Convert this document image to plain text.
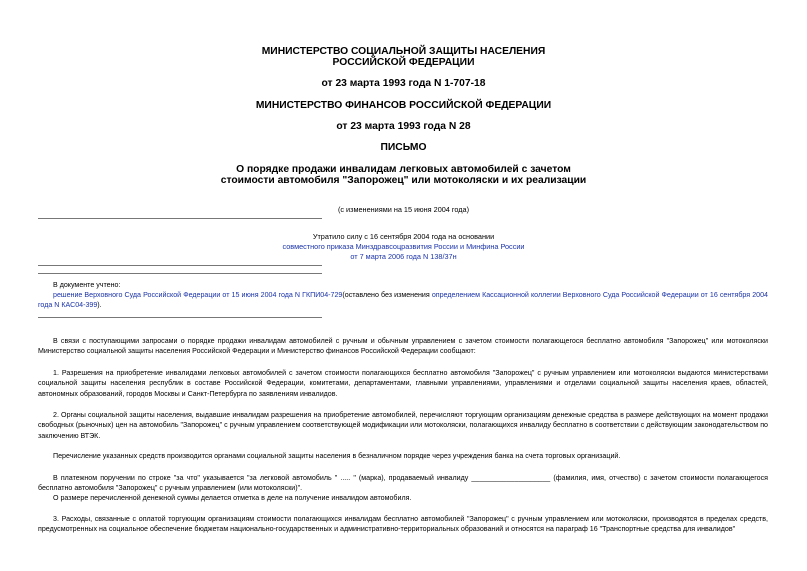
МИНИСТЕРСТВО СОЦИАЛЬНОЙ ЗАЩИТЫ НАСЕЛЕНИЯ
РОССИЙСКОЙ ФЕДЕРАЦИИ
от 23 марта 1993 года N 1-707-18
МИНИСТЕРСТВО ФИНАНСОВ РОССИЙСКОЙ ФЕДЕРАЦИИ
от 23 марта 1993 года N 28
ПИСЬМО
О порядке продажи инвалидам легковых автомобилей с зачетом
стоимости автомобиля "Запорожец" или мотоколяски и их реализации
(с изменениями на 15 июня 2004 года)
Утратило силу с 16 сентября 2004 года на основании
совместного приказа Минздравсоцразвития России и Минфина России
от 7 марта 2006 года N 138/37н
В документе учтено:
решение Верховного Суда Российской Федерации от 15 июня 2004 года N ГКПИ04-729(оставлено без изменения определением Кассационной коллегии Верховного Суда Российской Федерации от 16 сентября 2004 года N КАС04-399).
В связи с поступающими запросами о порядке продажи инвалидам автомобилей с ручным и обычным управлением с зачетом стоимости полагающегося бесплатно автомобиля "Запорожец" или мотоколяски Министерство социальной защиты населения Российской Федерации и Министерство финансов Российской Федерации сообщают:
1. Разрешения на приобретение инвалидами легковых автомобилей с зачетом стоимости полагающихся бесплатно автомобиля "Запорожец" с ручным управлением или мотоколяски выдаются министерствами социальной защиты населения республик в составе Российской Федерации, комитетами, департаментами, главными управлениями, управлениями и отделами социальной защиты населения краев, областей, автономных образований, городов Москвы и Санкт-Петербурга по заявлениям инвалидов.
2. Органы социальной защиты населения, выдавшие инвалидам разрешения на приобретение автомобилей, перечисляют торгующим организациям денежные средства в размере действующих на момент продажи свободных (рыночных) цен на автомобиль "Запорожец" с ручным управлением соответствующей модификации или мотоколяски, полагающихся инвалиду бесплатно в соответствии с действующим законодательством по заключению ВТЭК.
Перечисление указанных средств производится органами социальной защиты населения в безналичном порядке через учреждения банка на счета торговых организаций.
В платежном поручении по строке "за что" указывается "за легковой автомобиль " ..... " (марка), продаваемый инвалиду ____________________ (фамилия, имя, отчество) с зачетом стоимости полагающегося бесплатно автомобиля "Запорожец" с ручным управлением (или мотоколяски)".
О размере перечисленной денежной суммы делается отметка в деле на получение инвалидом автомобиля.
3. Расходы, связанные с оплатой торгующим организациям стоимости полагающихся инвалидам бесплатно автомобилей "Запорожец" с ручным управлением или мотоколяски, производятся в пределах средств, предусмотренных на социальное обеспечение бюджетам национально-государственных и административно-территориальных образований и относятся на параграф 16 "Транспортные средства для инвалидов"
